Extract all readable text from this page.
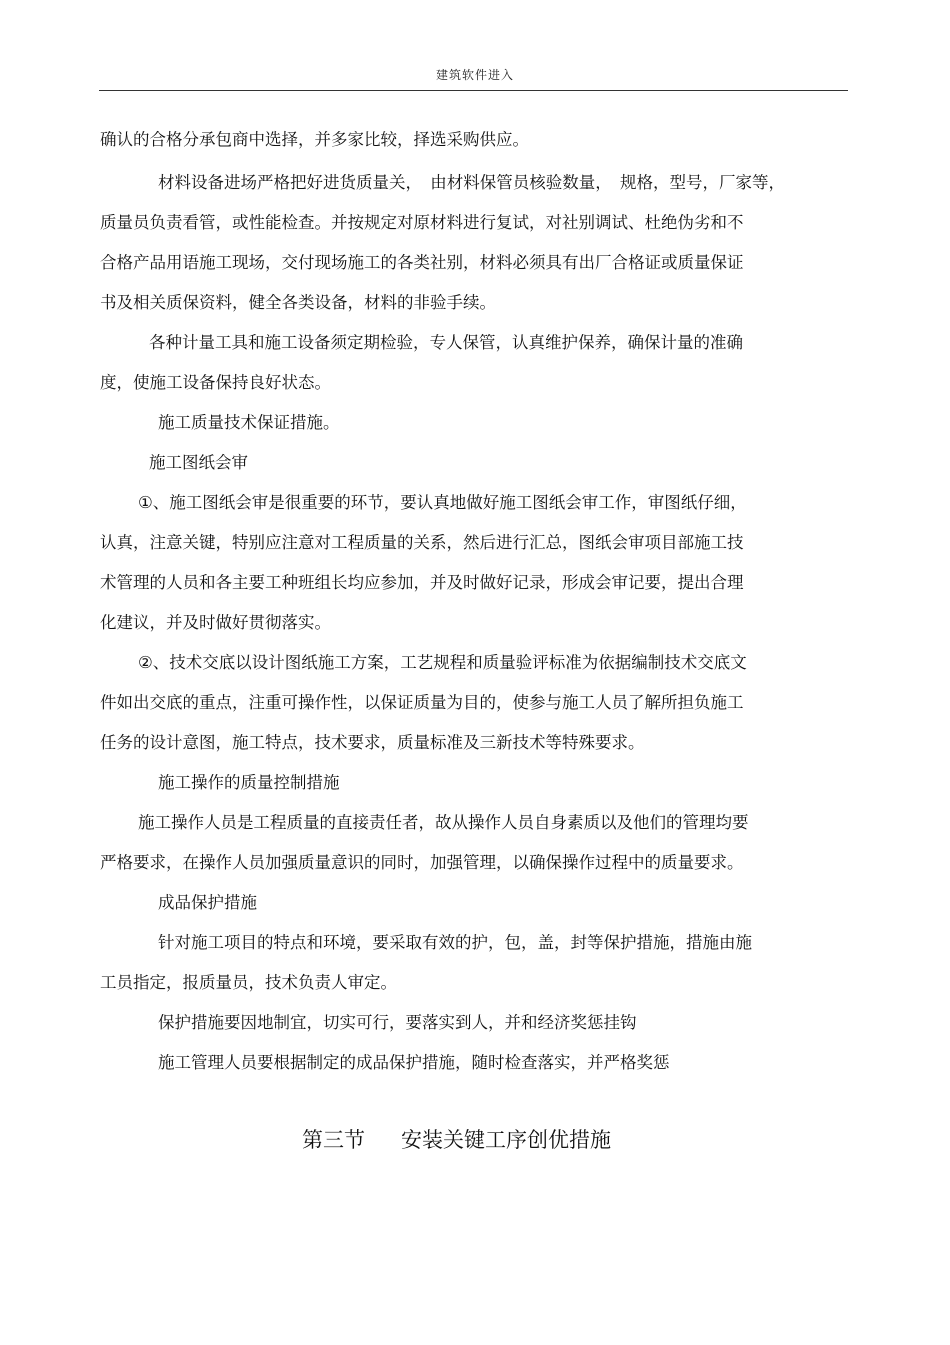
建筑软件进入
确认的合格分承包商中选择，并多家比较，择选采购供应。
材料设备进场严格把好进货质量关，　由材料保管员核验数量，　规格，型号，厂家等，
质量员负责看管，或性能检查。并按规定对原材料进行复试，对社别调试、杜绝伪劣和不
合格产品用语施工现场，交付现场施工的各类社别，材料必须具有出厂合格证或质量保证
书及相关质保资料，健全各类设备，材料的非验手续。
各种计量工具和施工设备须定期检验，专人保管，认真维护保养，确保计量的准确
度，使施工设备保持良好状态。
施工质量技术保证措施。
施工图纸会审
①、施工图纸会审是很重要的环节，要认真地做好施工图纸会审工作，审图纸仔细，
认真，注意关键，特别应注意对工程质量的关系，然后进行汇总，图纸会审项目部施工技
术管理的人员和各主要工种班组长均应参加，并及时做好记录，形成会审记要，提出合理
化建议，并及时做好贯彻落实。
②、技术交底以设计图纸施工方案，工艺规程和质量验评标准为依据编制技术交底文
件如出交底的重点，注重可操作性，以保证质量为目的，使参与施工人员了解所担负施工
任务的设计意图，施工特点，技术要求，质量标准及三新技术等特殊要求。
施工操作的质量控制措施
施工操作人员是工程质量的直接责任者，故从操作人员自身素质以及他们的管理均要
严格要求，在操作人员加强质量意识的同时，加强管理，以确保操作过程中的质量要求。
成品保护措施
针对施工项目的特点和环境，要采取有效的护，包，盖，封等保护措施，措施由施
工员指定，报质量员，技术负责人审定。
保护措施要因地制宜，切实可行，要落实到人，并和经济奖惩挂钩
施工管理人员要根据制定的成品保护措施，随时检查落实，并严格奖惩
第三节 安装关键工序创优措施
